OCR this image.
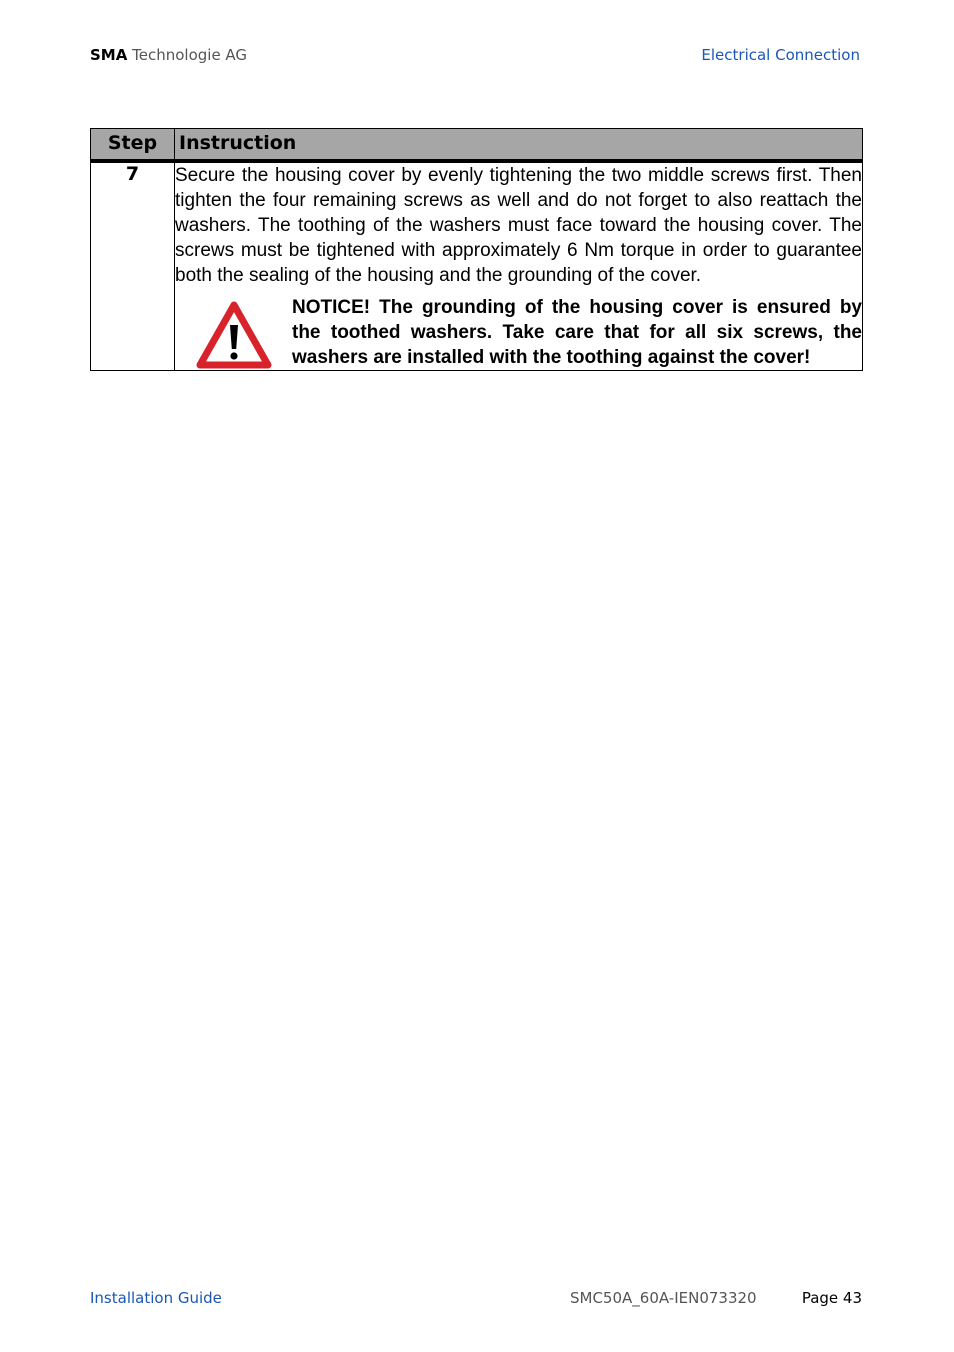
SMA Technologie AG	Electrical Connection
Step	Instruction
7	Secure the housing cover by evenly tightening the two middle screws first. Then tighten the four remaining screws as well and do not forget to also reattach the washers. The toothing of the washers must face toward the housing cover. The screws must be tightened with approximately 6 Nm torque in order to guarantee both the sealing of the housing and the grounding of the cover.

NOTICE! The grounding of the housing cover is ensured by the toothed washers. Take care that for all six screws, the washers are installed with the toothing against the cover!

Installation Guide	SMC50A_60A-IEN073320	Page 43
